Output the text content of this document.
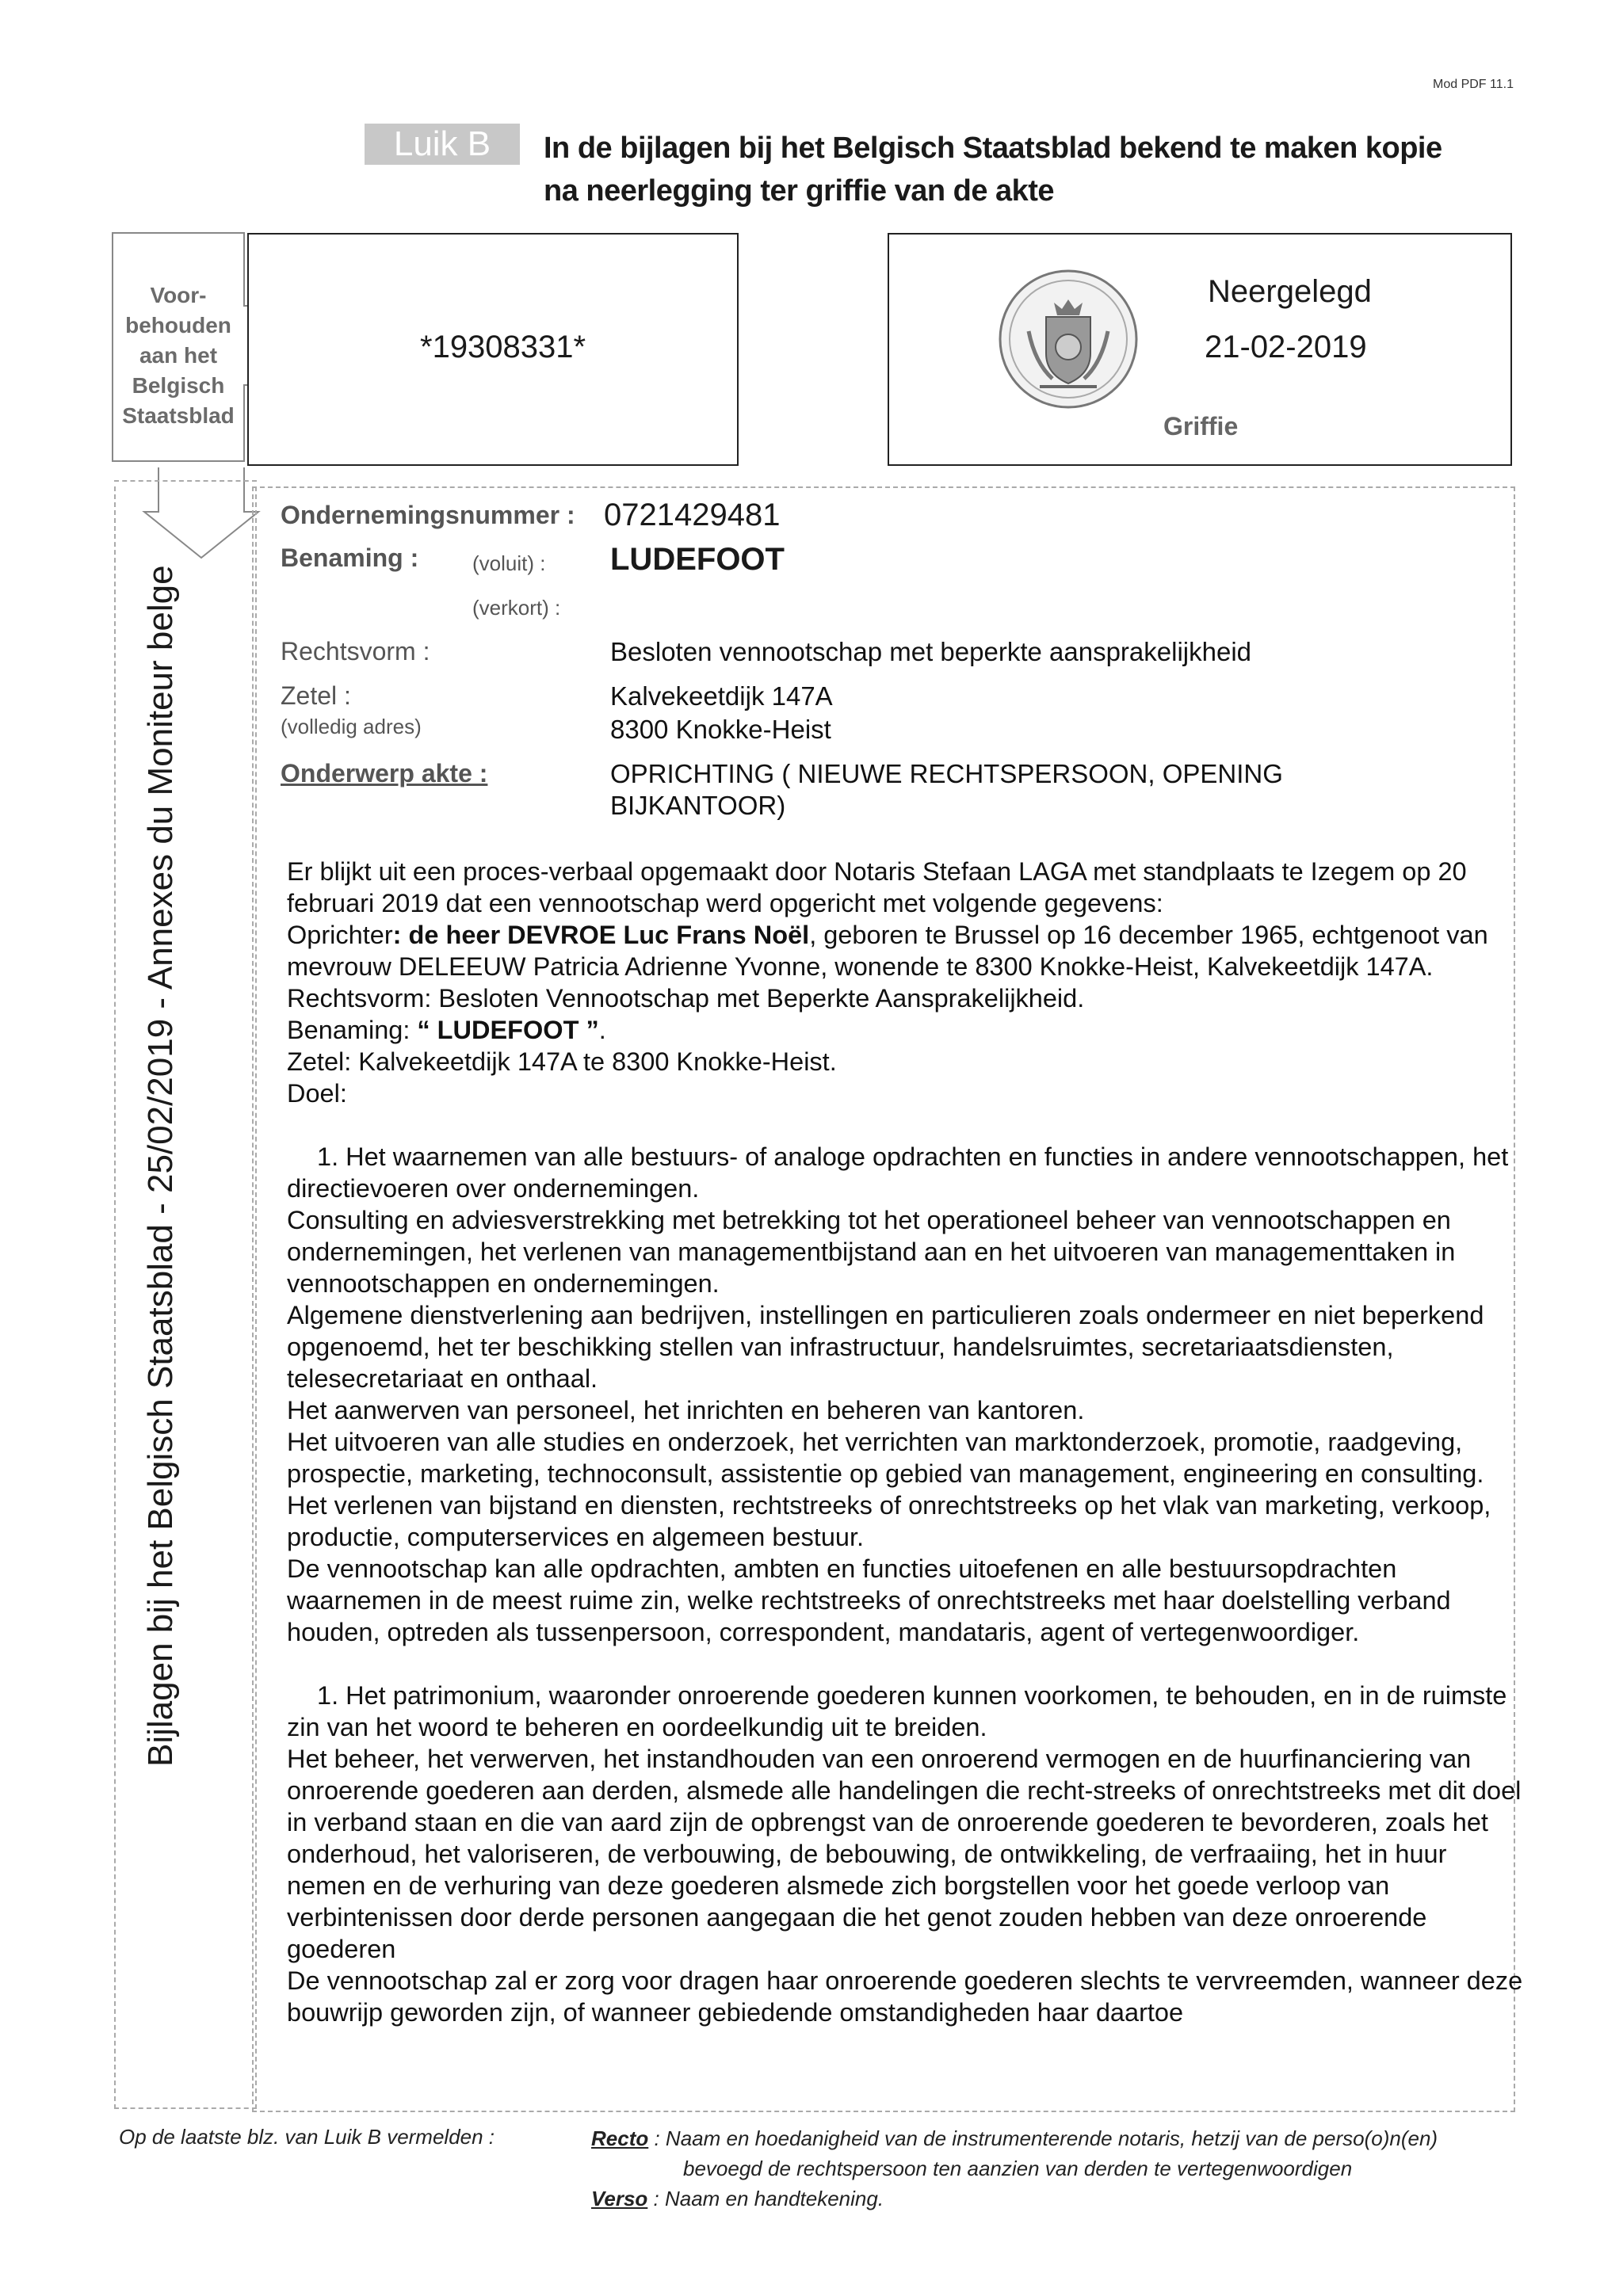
Mod PDF 11.1
Luik B	In de bijlagen bij het Belgisch Staatsblad bekend te maken kopie
na neerlegging ter griffie van de akte
Voor-
behouden
aan het
Belgisch
Staatsblad
Bijlagen bij het Belgisch Staatsblad - 25/02/2019 - Annexes du Moniteur belge
*19308331*
Neergelegd
21-02-2019
Griffie
Ondernemingsnummer : 0721429481
Benaming :	(voluit) : LUDEFOOT
(verkort) :
Rechtsvorm :	Besloten vennootschap met beperkte aansprakelijkheid
Zetel :
(volledig adres)
Kalvekeetdijk 147A
8300 Knokke-Heist
Onderwerp akte :	OPRICHTING ( NIEUWE RECHTSPERSOON, OPENING
BIJKANTOOR)

Er blijkt uit een proces-verbaal opgemaakt door Notaris Stefaan LAGA met standplaats te Izegem op 20 februari 2019 dat een vennootschap werd opgericht met volgende gegevens:

Oprichter: de heer DEVROE Luc Frans Noël, geboren te Brussel op 16 december 1965, echtgenoot van mevrouw DELEEUW Patricia Adrienne Yvonne, wonende te 8300 Knokke-Heist, Kalvekeetdijk 147A.

Rechtsvorm: Besloten Vennootschap met Beperkte Aansprakelijkheid.

Benaming: “ LUDEFOOT ”.

Zetel: Kalvekeetdijk 147A te 8300 Knokke-Heist.

Doel:

1. Het waarnemen van alle bestuurs- of analoge opdrachten en functies in andere vennootschappen, het directievoeren over ondernemingen.

Consulting en adviesverstrekking met betrekking tot het operationeel beheer van vennootschappen en ondernemingen, het verlenen van managementbijstand aan en het uitvoeren van managementtaken in vennootschappen en ondernemingen.

Algemene dienstverlening aan bedrijven, instellingen en particulieren zoals ondermeer en niet beperkend opgenoemd, het ter beschikking stellen van infrastructuur, handelsruimtes, secretariaatsdiensten, telesecretariaat en onthaal.

Het aanwerven van personeel, het inrichten en beheren van kantoren.

Het uitvoeren van alle studies en onderzoek, het verrichten van marktonderzoek, promotie, raadgeving, prospectie, marketing, technoconsult, assistentie op gebied van management, engineering en consulting.

Het verlenen van bijstand en diensten, rechtstreeks of onrechtstreeks op het vlak van marketing, verkoop, productie, computerservices en algemeen bestuur.

De vennootschap kan alle opdrachten, ambten en functies uitoefenen en alle bestuursopdrachten waarnemen in de meest ruime zin, welke rechtstreeks of onrechtstreeks met haar doelstelling verband houden, optreden als tussenpersoon, correspondent, mandataris, agent of vertegenwoordiger.

1. Het patrimonium, waaronder onroerende goederen kunnen voorkomen, te behouden, en in de ruimste zin van het woord te beheren en oordeelkundig uit te breiden.

Het beheer, het verwerven, het instandhouden van een onroerend vermogen en de huurfinanciering van onroerende goederen aan derden, alsmede alle handelingen die recht-streeks of onrechtstreeks met dit doel in verband staan en die van aard zijn de opbrengst van de onroerende goederen te bevorderen, zoals het onderhoud, het valoriseren, de verbouwing, de bebouwing, de ontwikkeling, de verfraaiing, het in huur nemen en de verhuring van deze goederen alsmede zich borgstellen voor het goede verloop van verbintenissen door derde personen aangegaan die het genot zouden hebben van deze onroerende goederen

De vennootschap zal er zorg voor dragen haar onroerende goederen slechts te vervreemden, wanneer deze bouwrijp geworden zijn, of wanneer gebiedende omstandigheden haar daartoe

Op de laatste blz. van Luik B vermelden :	Recto : Naam en hoedanigheid van de instrumenterende notaris, hetzij van de perso(o)n(en)
bevoegd de rechtspersoon ten aanzien van derden te vertegenwoordigen
Verso : Naam en handtekening.
